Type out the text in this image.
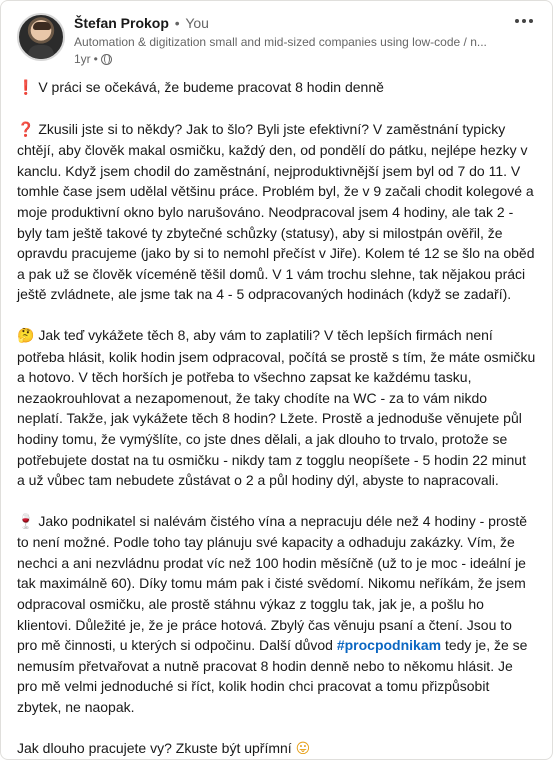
Štefan Prokop • You
Automation & digitization small and mid-sized companies using low-code / n...
1yr •

❗ V práci se očekává, že budeme pracovat 8 hodin denně

❓ Zkusili jste si to někdy? Jak to šlo? Byli jste efektivní? V zaměstnání typicky chtějí, aby člověk makal osmičku, každý den, od pondělí do pátku, nejlépe hezky v kanclu. Když jsem chodil do zaměstnání, nejproduktivnější jsem byl od 7 do 11. V tomhle čase jsem udělal většinu práce. Problém byl, že v 9 začali chodit kolegové a moje produktivní okno bylo narušováno. Neodpracoval jsem 4 hodiny, ale tak 2 - byly tam ještě takové ty zbytečné schůzky (statusy), aby si milostpán ověřil, že opravdu pracujeme (jako by si to nemohl přečíst v Jiře). Kolem té 12 se šlo na oběd a pak už se člověk víceméně těšil domů. V 1 vám trochu slehne, tak nějakou práci ještě zvládnete, ale jsme tak na 4 - 5 odpracovaných hodinách (když se zadaří).

🤔 Jak teď vykážete těch 8, aby vám to zaplatili? V těch lepších firmách není potřeba hlásit, kolik hodin jsem odpracoval, počítá se prostě s tím, že máte osmičku a hotovo. V těch horších je potřeba to všechno zapsat ke každému tasku, nezaokrouhlovat a nezapomenout, že taky chodíte na WC - za to vám nikdo neplatí. Takže, jak vykážete těch 8 hodin? Lžete. Prostě a jednoduše věnujete půl hodiny tomu, že vymýšlíte, co jste dnes dělali, a jak dlouho to trvalo, protože se potřebujete dostat na tu osmičku - nikdy tam z togglu neopíšete - 5 hodin 22 minut a už vůbec tam nebudete zůstávat o 2 a půl hodiny dýl, abyste to napracovali.

🍷 Jako podnikatel si nalévám čistého vína a nepracuju déle než 4 hodiny - prostě to není možné. Podle toho tay plánuju své kapacity a odhaduju zakázky. Vím, že nechci a ani nezvládnu prodat víc než 100 hodin měsíčně (už to je moc - ideální je tak maximálně 60). Díky tomu mám pak i čisté svědomí. Nikomu neříkám, že jsem odpracoval osmičku, ale prostě stáhnu výkaz z togglu tak, jak je, a pošlu ho klientovi. Důležité je, že je práce hotová. Zbylý čas věnuju psaní a čtení. Jsou to pro mě činnosti, u kterých si odpočinu. Další důvod #procpodnikam tedy je, že se nemusím přetvařovat a nutně pracovat 8 hodin denně nebo to někomu hlásit. Je pro mě velmi jednoduché si říct, kolik hodin chci pracovat a tomu přizpůsobit zbytek, ne naopak.

Jak dlouho pracujete vy? Zkuste být upřímní 😛
